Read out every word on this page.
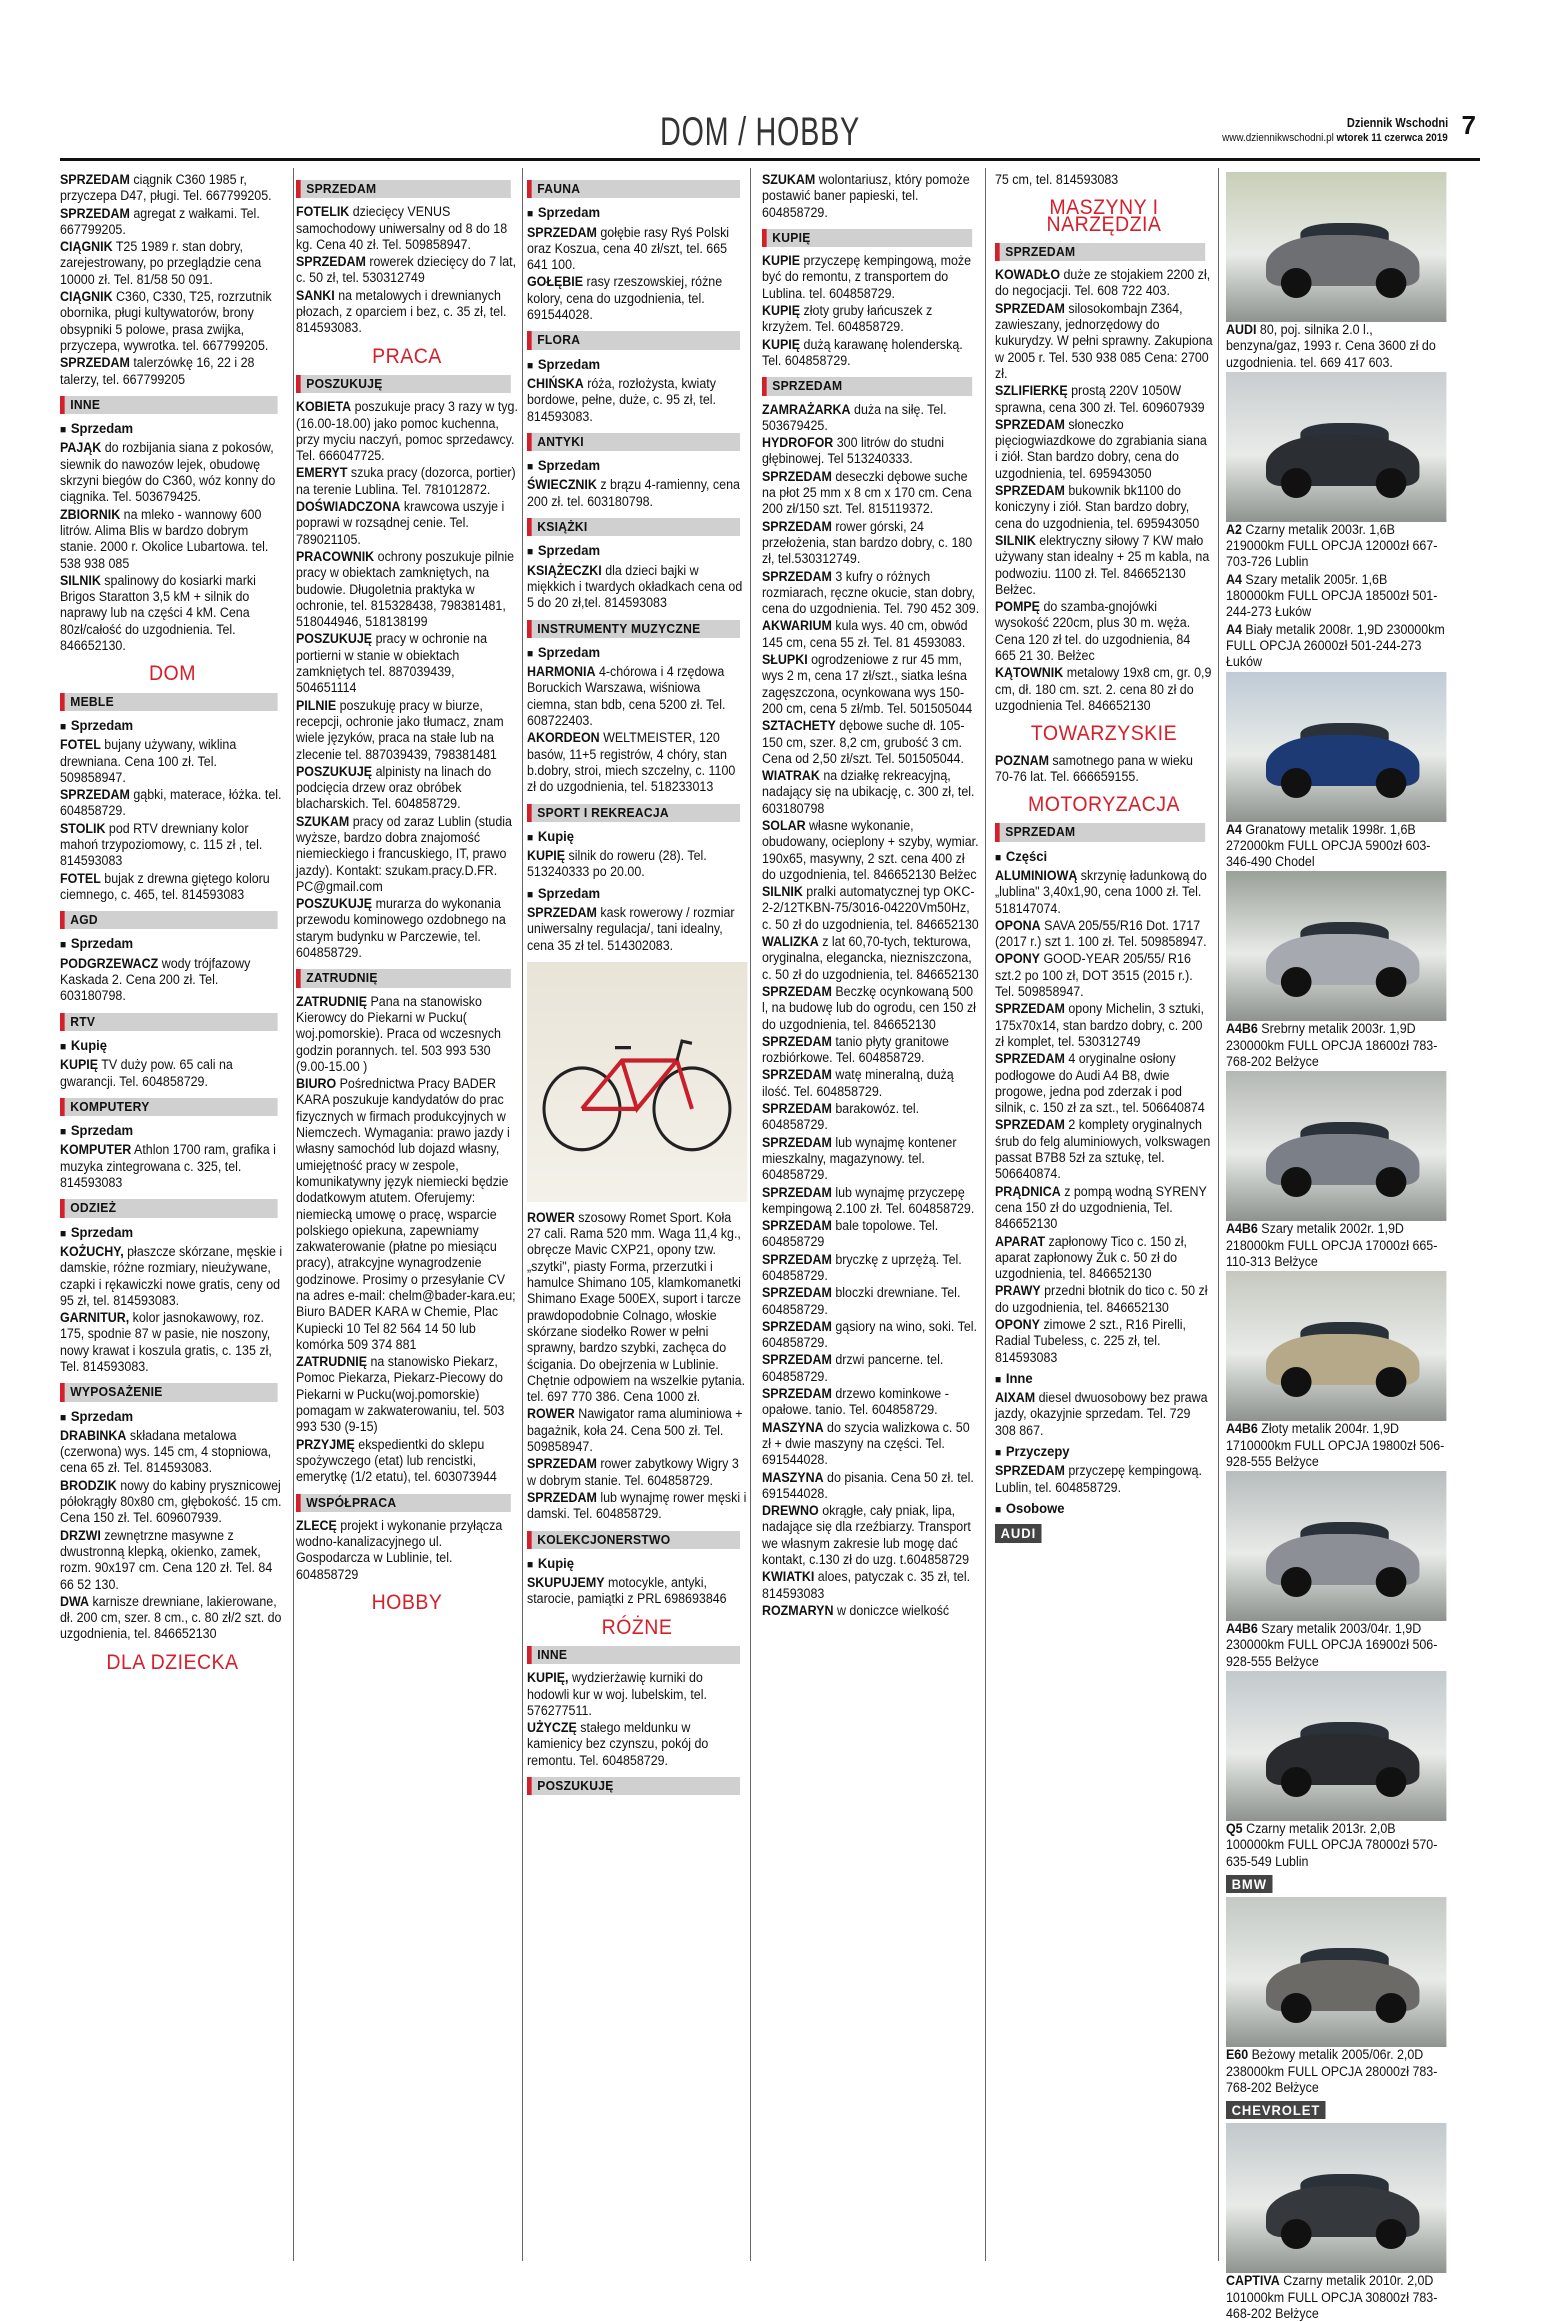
DOM / HOBBY	Dziennik Wschodni 7
www.dziennikwschodni.pl wtorek 11 czerwca 2019
SPRZEDAM ciągnik C360 1985 r, przyczepa D47, pługi. Tel. 667799205.
SPRZEDAM agregat z wałkami. Tel. 667799205.
CIĄGNIK T25 1989 r. stan dobry, zarejestrowany, po przeglądzie cena 10000 zł. Tel. 81/58 50 091.
CIĄGNIK C360, C330, T25, rozrzutnik obornika, pługi kultywatorów, brony obsypniki 5 polowe, prasa zwijka, przyczepa, wywrotka. tel. 667799205.
SPRZEDAM talerzówkę 16, 22 i 28 talerzy, tel. 667799205
INNE
■ Sprzedam
PAJĄK do rozbijania siana z pokosów, siewnik do nawozów lejek, obudowę skrzyni biegów do C360, wóz konny do ciągnika. Tel. 503679425.
ZBIORNIK na mleko - wannowy 600 litrów. Alima Blis w bardzo dobrym stanie. 2000 r. Okolice Lubartowa. tel. 538 938 085
SILNIK spalinowy do kosiarki marki Brigos Staratton 3,5 kM + silnik do naprawy lub na części 4 kM. Cena 80zł/całość do uzgodnienia. Tel. 846652130.
DOM
MEBLE
■ Sprzedam
FOTEL bujany używany, wiklina drewniana. Cena 100 zł. Tel. 509858947.
SPRZEDAM gąbki, materace, łóżka. tel. 604858729.
STOLIK pod RTV drewniany kolor mahoń trzypoziomowy, c. 115 zł , tel. 814593083
FOTEL bujak z drewna giętego koloru ciemnego, c. 465, tel. 814593083
AGD
■ Sprzedam
PODGRZEWACZ wody trójfazowy Kaskada 2. Cena 200 zł. Tel. 603180798.
RTV
■ Kupię
KUPIĘ TV duży pow. 65 cali na gwarancji. Tel. 604858729.
KOMPUTERY
■ Sprzedam
KOMPUTER Athlon 1700 ram, grafika i muzyka zintegrowana c. 325, tel. 814593083
ODZIEŻ
■ Sprzedam
KOŻUCHY, płaszcze skórzane, męskie i damskie, różne rozmiary, nieużywane, czapki i rękawiczki nowe gratis, ceny od 95 zł, tel. 814593083.
GARNITUR, kolor jasnokawowy, roz. 175, spodnie 87 w pasie, nie noszony, nowy krawat i koszula gratis, c. 135 zł, Tel. 814593083.
WYPOSAŻENIE
■ Sprzedam
DRABINKA składana metalowa (czerwona) wys. 145 cm, 4 stopniowa, cena 65 zł. Tel. 814593083.
BRODZIK nowy do kabiny prysznicowej półokrągły 80x80 cm, głębokość. 15 cm. Cena 150 zł. Tel. 609607939.
DRZWI zewnętrzne masywne z dwustronną klepką, okienko, zamek, rozm. 90x197 cm. Cena 120 zł. Tel. 84 66 52 130.
DWA karnisze drewniane, lakierowane, dł. 200 cm, szer. 8 cm., c. 80 zł/2 szt. do uzgodnienia, tel. 846652130
DLA DZIECKA
SPRZEDAM
FOTELIK dziecięcy VENUS samochodowy uniwersalny od 8 do 18 kg. Cena 40 zł. Tel. 509858947.
SPRZEDAM rowerek dziecięcy do 7 lat, c. 50 zł, tel. 530312749
SANKI na metalowych i drewnianych płozach, z oparciem i bez, c. 35 zł, tel. 814593083.
PRACA
POSZUKUJĘ
KOBIETA poszukuje pracy 3 razy w tyg. (16.00-18.00) jako pomoc kuchenna, przy myciu naczyń, pomoc sprzedawcy. Tel. 666047725.
EMERYT szuka pracy (dozorca, portier) na terenie Lublina. Tel. 781012872.
DOŚWIADCZONA krawcowa uszyje i poprawi w rozsądnej cenie. Tel. 789021105.
PRACOWNIK ochrony poszukuje pilnie pracy w obiektach zamkniętych, na budowie. Długoletnia praktyka w ochronie, tel. 815328438, 798381481, 518044946, 518138199
POSZUKUJĘ pracy w ochronie na portierni w stanie w obiektach zamkniętych tel. 887039439, 504651114
PILNIE poszukuję pracy w biurze, recepcji, ochronie jako tłumacz, znam wiele języków, praca na stałe lub na zlecenie tel. 887039439, 798381481
POSZUKUJĘ alpinisty na linach do podcięcia drzew oraz obróbek blacharskich. Tel. 604858729.
SZUKAM pracy od zaraz Lublin (studia wyższe, bardzo dobra znajomość niemieckiego i francuskiego, IT, prawo jazdy). Kontakt: szukam.pracy.D.FR. PC@gmail.com
POSZUKUJĘ murarza do wykonania przewodu kominowego ozdobnego na starym budynku w Parczewie, tel. 604858729.
ZATRUDNIĘ
ZATRUDNIĘ Pana na stanowisko Kierowcy do Piekarni w Pucku( woj.pomorskie). Praca od wczesnych godzin porannych. tel. 503 993 530 (9.00-15.00 )
BIURO Pośrednictwa Pracy BADER KARA poszukuje kandydatów do prac fizycznych w firmach produkcyjnych w Niemczech. Wymagania: prawo jazdy i własny samochód lub dojazd własny, umiejętność pracy w zespole, komunikatywny język niemiecki będzie dodatkowym atutem. Oferujemy: niemiecką umowę o pracę, wsparcie polskiego opiekuna, zapewniamy zakwaterowanie (płatne po miesiącu pracy), atrakcyjne wynagrodzenie godzinowe. Prosimy o przesyłanie CV na adres e-mail: chelm@bader-kara.eu; Biuro BADER KARA w Chemie, Plac Kupiecki 10 Tel 82 564 14 50 lub komórka 509 374 881
ZATRUDNIĘ na stanowisko Piekarz, Pomoc Piekarza, Piekarz-Piecowy do Piekarni w Pucku(woj.pomorskie) pomagam w zakwaterowaniu, tel. 503 993 530 (9-15)
PRZYJMĘ ekspedientki do sklepu spożywczego (etat) lub rencistki, emerytkę (1/2 etatu), tel. 603073944
WSPÓŁPRACA
ZLECĘ projekt i wykonanie przyłącza wodno-kanalizacyjnego ul. Gospodarcza w Lublinie, tel. 604858729
HOBBY
FAUNA
■ Sprzedam
SPRZEDAM gołębie rasy Ryś Polski oraz Koszua, cena 40 zł/szt, tel. 665 641 100.
GOŁĘBIE rasy rzeszowskiej, różne kolory, cena do uzgodnienia, tel. 691544028.
FLORA
■ Sprzedam
CHIŃSKA róża, rozłożysta, kwiaty bordowe, pełne, duże, c. 95 zł, tel. 814593083.
ANTYKI
■ Sprzedam
ŚWIECZNIK z brązu 4-ramienny, cena 200 zł. tel. 603180798.
KSIĄŻKI
■ Sprzedam
KSIĄŻECZKI dla dzieci bajki w miękkich i twardych okładkach cena od 5 do 20 zł,tel. 814593083
INSTRUMENTY MUZYCZNE
■ Sprzedam
HARMONIA 4-chórowa i 4 rzędowa Boruckich Warszawa, wiśniowa ciemna, stan bdb, cena 5200 zł. Tel. 608722403.
AKORDEON WELTMEISTER, 120 basów, 11+5 registrów, 4 chóry, stan b.dobry, stroi, miech szczelny, c. 1100 zł do uzgodnienia, tel. 518233013
SPORT I REKREACJA
■ Kupię
KUPIĘ silnik do roweru (28). Tel. 513240333 po 20.00.
■ Sprzedam
SPRZEDAM kask rowerowy / rozmiar uniwersalny regulacja/, tani idealny, cena 35 zł tel. 514302083.
ROWER szosowy Romet Sport. Koła 27 cali. Rama 520 mm. Waga 11,4 kg., obręcze Mavic CXP21, opony tzw. „szytki", piasty Forma, przerzutki i hamulce Shimano 105, klamkomanetki Shimano Exage 500EX, suport i tarcze prawdopodobnie Colnago, włoskie skórzane siodełko Rower w pełni sprawny, bardzo szybki, zachęca do ścigania. Do obejrzenia w Lublinie. Chętnie odpowiem na wszelkie pytania. tel. 697 770 386. Cena 1000 zł.
ROWER Nawigator rama aluminiowa + bagażnik, koła 24. Cena 500 zł. Tel. 509858947.
SPRZEDAM rower zabytkowy Wigry 3 w dobrym stanie. Tel. 604858729.
SPRZEDAM lub wynajmę rower męski i damski. Tel. 604858729.
KOLEKCJONERSTWO
■ Kupię
SKUPUJEMY motocykle, antyki, starocie, pamiątki z PRL 698693846
RÓŻNE
INNE
KUPIĘ, wydzierżawię kurniki do hodowli kur w woj. lubelskim, tel. 576277511.
UŻYCZĘ stałego meldunku w kamienicy bez czynszu, pokój do remontu. Tel. 604858729.
POSZUKUJĘ
SZUKAM wolontariusz, który pomoże postawić baner papieski, tel. 604858729.
KUPIĘ
KUPIE przyczepę kempingową, może być do remontu, z transportem do Lublina. tel. 604858729.
KUPIĘ złoty gruby łańcuszek z krzyżem. Tel. 604858729.
KUPIĘ dużą karawanę holenderską. Tel. 604858729.
SPRZEDAM
ZAMRAŻARKA duża na siłę. Tel. 503679425.
HYDROFOR 300 litrów do studni głębinowej. Tel 513240333.
SPRZEDAM deseczki dębowe suche na płot 25 mm x 8 cm x 170 cm. Cena 200 zł/150 szt. Tel. 815119372.
SPRZEDAM rower górski, 24 przełożenia, stan bardzo dobry, c. 180 zł, tel.530312749.
SPRZEDAM 3 kufry o różnych rozmiarach, ręczne okucie, stan dobry, cena do uzgodnienia. Tel. 790 452 309.
AKWARIUM kula wys. 40 cm, obwód 145 cm, cena 55 zł. Tel. 81 4593083.
SŁUPKI ogrodzeniowe z rur 45 mm, wys 2 m, cena 17 zł/szt., siatka leśna zagęszczona, ocynkowana wys 150-200 cm, cena 5 zł/mb. Tel. 501505044
SZTACHETY dębowe suche dł. 105-150 cm, szer. 8,2 cm, grubość 3 cm. Cena od 2,50 zł/szt. Tel. 501505044.
WIATRAK na działkę rekreacyjną, nadający się na ubikację, c. 300 zł, tel. 603180798
SOLAR własne wykonanie, obudowany, ocieplony + szyby, wymiar. 190x65, masywny, 2 szt. cena 400 zł do uzgodnienia, tel. 846652130 Bełżec
SILNIK pralki automatycznej typ OKC-2-2/12TKBN-75/3016-04220Vm50Hz, c. 50 zł do uzgodnienia, tel. 846652130
WALIZKA z lat 60,70-tych, tekturowa, oryginalna, elegancka, niezniszczona, c. 50 zł do uzgodnienia, tel. 846652130
SPRZEDAM Beczkę ocynkowaną 500 l, na budowę lub do ogrodu, cen 150 zł do uzgodnienia, tel. 846652130
SPRZEDAM tanio płyty granitowe rozbiórkowe. Tel. 604858729.
SPRZEDAM watę mineralną, dużą ilość. Tel. 604858729.
SPRZEDAM barakowóz. tel. 604858729.
SPRZEDAM lub wynajmę kontener mieszkalny, magazynowy. tel. 604858729.
SPRZEDAM lub wynajmę przyczepę kempingową 2.100 zł. Tel. 604858729.
SPRZEDAM bale topolowe. Tel. 604858729
SPRZEDAM bryczkę z uprzężą. Tel. 604858729.
SPRZEDAM bloczki drewniane. Tel. 604858729.
SPRZEDAM gąsiory na wino, soki. Tel. 604858729.
SPRZEDAM drzwi pancerne. tel. 604858729.
SPRZEDAM drzewo kominkowe - opałowe. tanio. Tel. 604858729.
MASZYNA do szycia walizkowa c. 50 zł + dwie maszyny na części. Tel. 691544028.
MASZYNA do pisania. Cena 50 zł. tel. 691544028.
DREWNO okrągłe, cały pniak, lipa, nadające się dla rzeźbiarzy. Transport we własnym zakresie lub mogę dać kontakt, c.130 zł do uzg. t.604858729
KWIATKI aloes, patyczak c. 35 zł, tel. 814593083
ROZMARYN w doniczce wielkość
75 cm, tel. 814593083
MASZYNY I NARZĘDZIA
SPRZEDAM
KOWADŁO duże ze stojakiem 2200 zł, do negocjacji. Tel. 608 722 403.
SPRZEDAM silosokombajn Z364, zawieszany, jednorzędowy do kukurydzy. W pełni sprawny. Zakupiona w 2005 r. Tel. 530 938 085 Cena: 2700 zł.
SZLIFIERKĘ prostą 220V 1050W sprawna, cena 300 zł. Tel. 609607939
SPRZEDAM słoneczko pięciogwiazdkowe do zgrabiania siana i ziół. Stan bardzo dobry, cena do uzgodnienia, tel. 695943050
SPRZEDAM bukownik bk1100 do koniczyny i ziół. Stan bardzo dobry, cena do uzgodnienia, tel. 695943050
SILNIK elektryczny siłowy 7 KW mało używany stan idealny + 25 m kabla, na podwoziu. 1100 zł. Tel. 846652130 Bełżec.
POMPĘ do szamba-gnojówki wysokość 220cm, plus 30 m. węża. Cena 120 zł tel. do uzgodnienia, 84 665 21 30. Bełżec
KĄTOWNIK metalowy 19x8 cm, gr. 0,9 cm, dł. 180 cm. szt. 2. cena 80 zł do uzgodnienia Tel. 846652130
TOWARZYSKIE
POZNAM samotnego pana w wieku 70-76 lat. Tel. 666659155.
MOTORYZACJA
SPRZEDAM
■ Części
ALUMINIOWĄ skrzynię ładunkową do „lublina" 3,40x1,90, cena 1000 zł. Tel. 518147074.
OPONA SAVA 205/55/R16 Dot. 1717 (2017 r.) szt 1. 100 zł. Tel. 509858947.
OPONY GOOD-YEAR 205/55/ R16 szt.2 po 100 zł, DOT 3515 (2015 r.). Tel. 509858947.
SPRZEDAM opony Michelin, 3 sztuki, 175x70x14, stan bardzo dobry, c. 200 zł komplet, tel. 530312749
SPRZEDAM 4 oryginalne osłony podłogowe do Audi A4 B8, dwie progowe, jedna pod zderzak i pod silnik, c. 150 zł za szt., tel. 506640874
SPRZEDAM 2 komplety oryginalnych śrub do felg aluminiowych, volkswagen passat B7B8 5zł za sztukę, tel. 506640874.
PRĄDNICA z pompą wodną SYRENY cena 150 zł do uzgodnienia, Tel. 846652130
APARAT zapłonowy Tico c. 150 zł, aparat zapłonowy Żuk c. 50 zł do uzgodnienia, tel. 846652130
PRAWY przedni błotnik do tico c. 50 zł do uzgodnienia, tel. 846652130
OPONY zimowe 2 szt., R16 Pirelli, Radial Tubeless, c. 225 zł, tel. 814593083
■ Inne
AIXAM diesel dwuosobowy bez prawa jazdy, okazyjnie sprzedam. Tel. 729 308 867.
■ Przyczepy
SPRZEDAM przyczepę kempingową. Lublin, tel. 604858729.
■ Osobowe
AUDI
AUDI 80, poj. silnika 2.0 l., benzyna/gaz, 1993 r. Cena 3600 zł do uzgodnienia. tel. 669 417 603.
A2 Czarny metalik 2003r. 1,6B 219000km FULL OPCJA 12000zł 667-703-726 Lublin
A4 Szary metalik 2005r. 1,6B 180000km FULL OPCJA 18500zł 501-244-273 Łuków
A4 Biały metalik 2008r. 1,9D 230000km FULL OPCJA 26000zł 501-244-273 Łuków
A4 Granatowy metalik 1998r. 1,6B 272000km FULL OPCJA 5900zł 603-346-490 Chodel
A4B6 Srebrny metalik 2003r. 1,9D 230000km FULL OPCJA 18600zł 783-768-202 Bełżyce
A4B6 Szary metalik 2002r. 1,9D 218000km FULL OPCJA 17000zł 665-110-313 Bełżyce
A4B6 Złoty metalik 2004r. 1,9D 1710000km FULL OPCJA 19800zł 506-928-555 Bełżyce
A4B6 Szary metalik 2003/04r. 1,9D 230000km FULL OPCJA 16900zł 506-928-555 Bełżyce
Q5 Czarny metalik 2013r. 2,0B 100000km FULL OPCJA 78000zł 570-635-549 Lublin
BMW
E60 Beżowy metalik 2005/06r. 2,0D 238000km FULL OPCJA 28000zł 783-768-202 Bełżyce
CHEVROLET
CAPTIVA Czarny metalik 2010r. 2,0D 101000km FULL OPCJA 30800zł 783-468-202 Bełżyce
